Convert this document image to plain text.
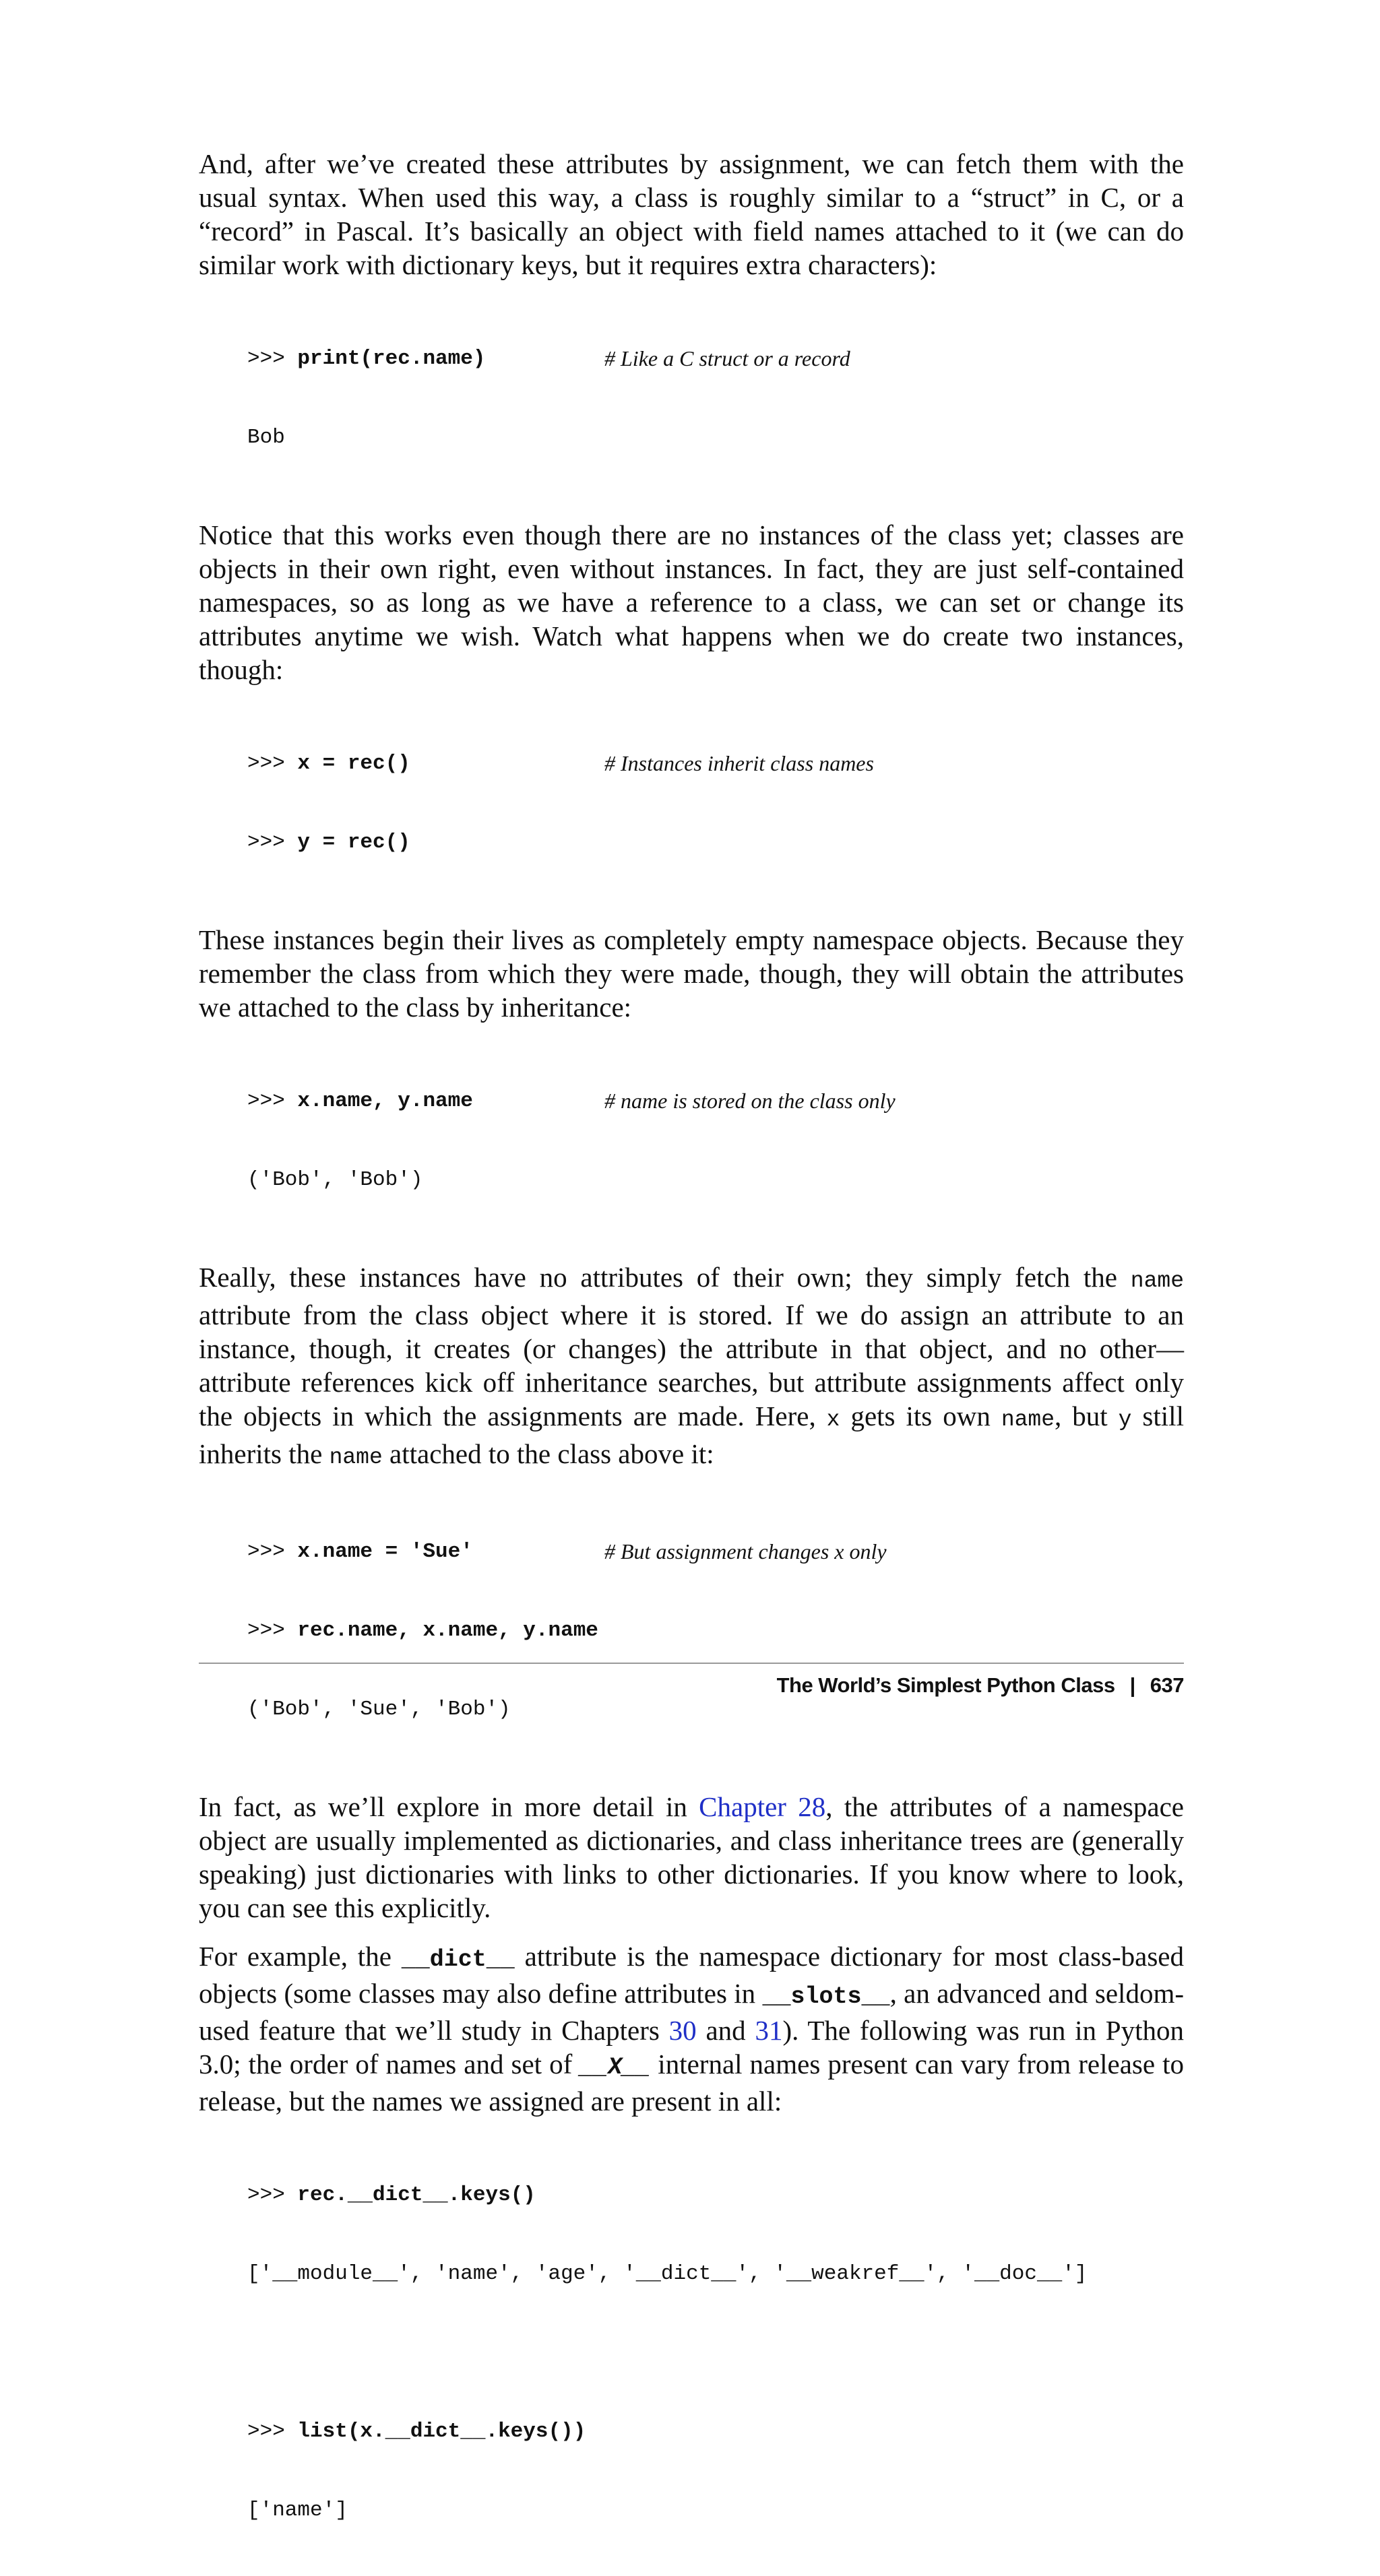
And, after we’ve created these attributes by assignment, we can fetch them with the usual syntax. When used this way, a class is roughly similar to a “struct” in C, or a “record” in Pascal. It’s basically an object with field names attached to it (we can do similar work with dictionary keys, but it requires extra characters):

>>> print(rec.name)	# Like a C struct or a record

Bob

Notice that this works even though there are no instances of the class yet; classes are objects in their own right, even without instances. In fact, they are just self-contained namespaces, so as long as we have a reference to a class, we can set or change its attributes anytime we wish. Watch what happens when we do create two instances, though:

>>> x = rec()	# Instances inherit class names

>>> y = rec()

These instances begin their lives as completely empty namespace objects. Because they remember the class from which they were made, though, they will obtain the attributes we attached to the class by inheritance:

>>> x.name, y.name	# name is stored on the class only

('Bob', 'Bob')

Really, these instances have no attributes of their own; they simply fetch the name attribute from the class object where it is stored. If we do assign an attribute to an instance, though, it creates (or changes) the attribute in that object, and no other—attribute references kick off inheritance searches, but attribute assignments affect only the objects in which the assignments are made. Here, x gets its own name, but y still inherits the name attached to the class above it:

>>> x.name = 'Sue'	# But assignment changes x only

>>> rec.name, x.name, y.name

('Bob', 'Sue', 'Bob')

In fact, as we’ll explore in more detail in Chapter 28, the attributes of a namespace object are usually implemented as dictionaries, and class inheritance trees are (generally speaking) just dictionaries with links to other dictionaries. If you know where to look, you can see this explicitly.

For example, the __dict__ attribute is the namespace dictionary for most class-based objects (some classes may also define attributes in __slots__, an advanced and seldom-used feature that we’ll study in Chapters 30 and 31). The following was run in Python 3.0; the order of names and set of __X__ internal names present can vary from release to release, but the names we assigned are present in all:

>>> rec.__dict__.keys()

['__module__', 'name', 'age', '__dict__', '__weakref__', '__doc__']

>>> list(x.__dict__.keys())

['name']

The World’s Simplest Python Class | 637
